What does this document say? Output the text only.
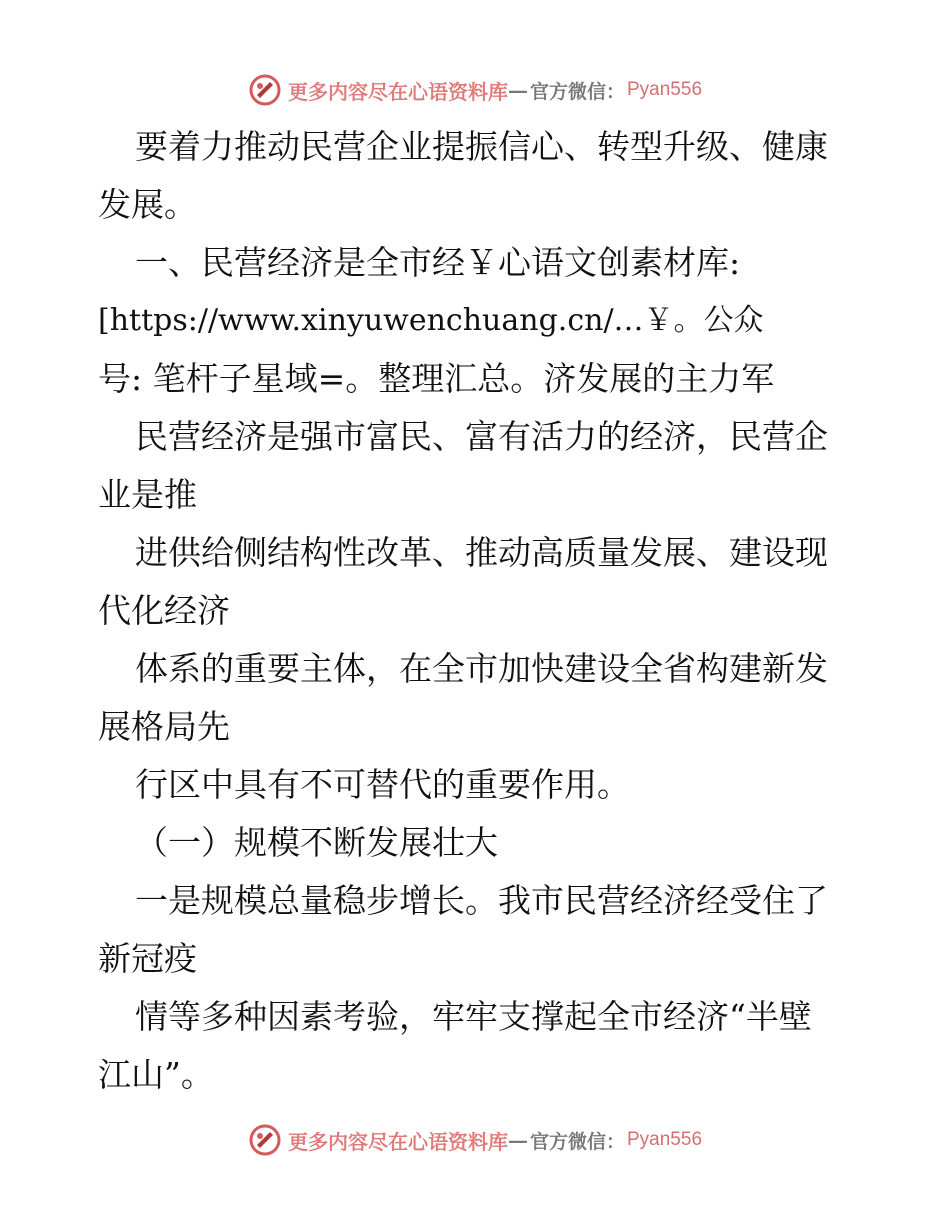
更多内容尽在心语资料库 — 官方微信： Pyan556
要着力推动民营企业提振信心、转型升级、健康
发展。
一、民营经济是全市经￥心语文创素材库:
[https://www.xinyuwenchuang.cn/…￥。公众
号: 笔杆子星域=。整理汇总。济发展的主力军
民营经济是强市富民、富有活力的经济，民营企
业是推
进供给侧结构性改革、推动高质量发展、建设现
代化经济
体系的重要主体，在全市加快建设全省构建新发
展格局先
行区中具有不可替代的重要作用。
（一）规模不断发展壮大
一是规模总量稳步增长。我市民营经济经受住了
新冠疫
情等多种因素考验，牢牢支撑起全市经济“半壁
江山”。
更多内容尽在心语资料库 — 官方微信： Pyan556
